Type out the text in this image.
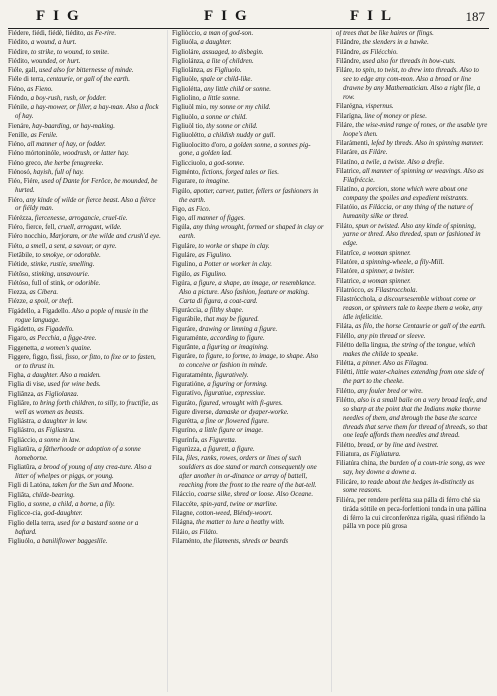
FIG	FIG	FIL	187

Fiédere, fiédi, fiédè, fiédito, as Fe-rire.

Fiédito, a wound, a hurt.

Fiédire, to strike, to wound, to smite.

Fiédito, wounded, or hurt.

Fiéle, gall, used also for bitternesse of minde.

Fiéle di terra, centaurie, or gall of the earth.

Fiéno, as Fieno.

Fiéndo, a boy-rush, rush, or fodder.

Fiénile, a hay-mower, or filler, a hay-man. Also a flock of hay.

Fienáre, hay-baarding, or hay-making.

Fenille, as Fenile.

Fiéno, all manner of hay, or fodder.

Fiéno mórtoninóle, woodrush, or latter hay.

Fiéno greco, the herbe fenugreeke.

Fiénosó, hayish, full of hay.

Fiéo, Fiére, used of Dante for Ferôce, be mounded, be hurted.

Fiéro, any kinde of wilde or fierce beast. Also a fiérce or fiéldy man.

Fiérézza, fiercenesse, arrogancie, cruel-tie.

Fiéro, fierce, fell, cruell, arrogant, wilde.

Fiéro nocchio, Marjoram, or the wilde and crush'd eye.

Fiéto, a smell, a sent, a savour, or ayre.

Fietâbile, to smokye, or odorable.

Fiétide, stinke, rustie, smelling.

Fiétôso, stinking, unsavourie.

Fiétóso, full of stink, or odorible.

Fiezza, as Cibera.

Fiézze, a spoil, or theft.

Fígádello, a Figadello. Also a pople of musie in the rogue language.

Figádetto, as Figadello.

Figaro, as Pecchia, a figge-tree.

Figgenetta, a women's quaine.

Figgere, figgo, fissi, fisso, or fitto, to fixe or to fasten, or to thrust in.

Figha, a daughter. Also a maiden.

Figlia di vise, used for wine beds.

Figliânza, as Figliolanza.

Figliâre, to bring forth children, to silly, to fructifie, as well as women as beasts.

Figliástra, a daughter in law.

Figliástro, as Figliastra.

Figliáccio, a sonne in law.

Figliatûra, a fâtherhoode or adoption of a sonne homeborne.

Figliatûra, a brood of young of any crea-ture. Also a litter of whelpes or piggs, or young.

Figli di Latóna, taken for the Sun and Moone.

Figliâta, childe-bearing.

Figlio, a sonne, a child, a borne, a fily.

Figlicce-cia, god-daughter.

Figlio della terra, used for a bastard sonne or a baftard.

Figliuólo, a baniliflower baggeslile.

Figliòccio, a man of god-son.

Figliuóla, a daughter.

Figlioláre, assuaged, to disbegin.

Figliolánza, a lite of children.

Figliolánza, as Figliuolo.

Figliuòle, spale or child-like.

Figliolétta, any little child or sonne.

Figliolino, a little sonne.

Figliuòl mio, my sonne or my child.

Figliuòlo, a sonne or child.

Figliuòl tio, thy sonne or child.

Figliuolétto, a childish nuddy or gull.

Figliuolocitto d'oro, a golden sonne, a sonnes pig-gone, a golden lad.

Figlicciuolo, a god-sonne.

Figménto, fictions, forged tales or lies.

Figurare, to imagine.

Figúlo, apotter, carver, putter, fellers or fashioners in the earth.

Figo, as Fico.

Figo, all manner of figges.

Figúla, any thing wrought, formed or shaped in clay or earth.

Figuláre, to worke or shape in clay.

Figuláre, as Figulino.

Figulino, a Potter or worker in clay.

Figúlo, as Figulino.

Figúra, a figure, a shape, an image, or resemblance. Also a picture. Also fashion, feature or making. Carta di figura, a coat-card.

Figuráccia, a filthy shape.

Figurábile, that may be figured.

Figuráre, drawing or limning a figure.

Figuraménte, according to figure.

Figurânte, a figuring or imagining.

Figuráre, to figure, to forme, to image, to shape. Also to conceive or fashion in minde.

Figurataménte, figuratively.

Figuratióne, a figuring or forming.

Figuratívo, figuratiue, expressiue.

Figuráto, figured, wrought with fi-gures.

Figure diverse, damaske or dyaper-worke.

Figurétta, a fine or flowered figure.

Figuríno, a little figure or image.

Figurínfa, as Figuretta.

Figurúzza, a figurett, a figure.

Fila, files, ranks, rowes, orders or lines of such souldiers as doe stand or march consequently one after another in or-dinance or array of battell, reaching from the front to the reare of the bat-tell.

Filáccio, coarse silke, shred or loose. Also Oceane.

Filaccéte, spin-yard, twine or marline.

Filagne, cotton-weed, Bléndy-woort.

Filágna, the matter to lure a heathy with.

Filáio, as Filáto.

Filaménto, the filaments, shreds or beards

of trees that be like haires or flings.

Filândre, the slenders in a hawke.

Filândre, as Filécchio.

Filândre, used also for threads in bow-cuts.

Filáre, to spin, to twist, to drew into threads. Also to see to edge any com-mon. Also a broad or line drawne by any Mathematician. Also a right file, a row.

Filarégna, vispernus.

Filarígna, line of money or plese.

Filáre, the wise-mind range of rones, or the usable tyre loope's then.

Filarámenti, lefed by threds. Also in spinning manner.

Filaráre, as Filáre.

Filatíno, a twile, a twiste. Also a drefie.

Filatrice, all manner of spinning or weavings. Also as Filafréccie.

Filatíno, a porcion, stone which were about one company the spoiles and expedient mistrants.

Filatóio, as Filáccia, or any thing of the nature of humanity silke or thred.

Filáto, spun or twisted. Also any kinde of spinning, yarne or thred. Also threded, spun or fashioned in edge.

Filatrîce, a woman spinner.

Filatóre, a spinning-wheele, a fily-Mill.

Filatóre, a spinner, a twister.

Filatrice, a woman spinner.

Filatrócco, as Filastrocchola.

Filastrócchola, a discoursesemble without come or reason, or spinners tale to keepe them a woke, any idle infelicitie.

Filáta, as filo, the horse Centaurie or gall of the earth.

Filéllo, any pin thread or sleeve.

Filétto della lingua, the string of the tongue, which makes the childe to speake.

Filétta, a pinner. Also as Filagna.

Filétti, little water-chaines extending from one side of the part to the cheeke.

Filétto, any fouler bred or wire.

Filétto, also is a small baile on a very broad leafe, and so sharp at the point that the Indians make thorne needles of them, and through the base the scarce threads that serve them for thread of threeds, so that one leafe affords them needles and thread.

Filétto, bread, or by line and ivestret.

Filiatura, as Figliatura.

Filiatúra china, the burden of a coun-trie song, as wee say, hey downe a downe a.

Filicáre, to reade about the hedges in-distinctly as some reasons.

Filiéra, per rendere perfétta sua pálla di férro ché sia tiráda sóttile en peca-forfettioni tonda in una pállina di férro la cui circonferénza rigála, quasi rifiéndo la pálla vn poce più grosa
